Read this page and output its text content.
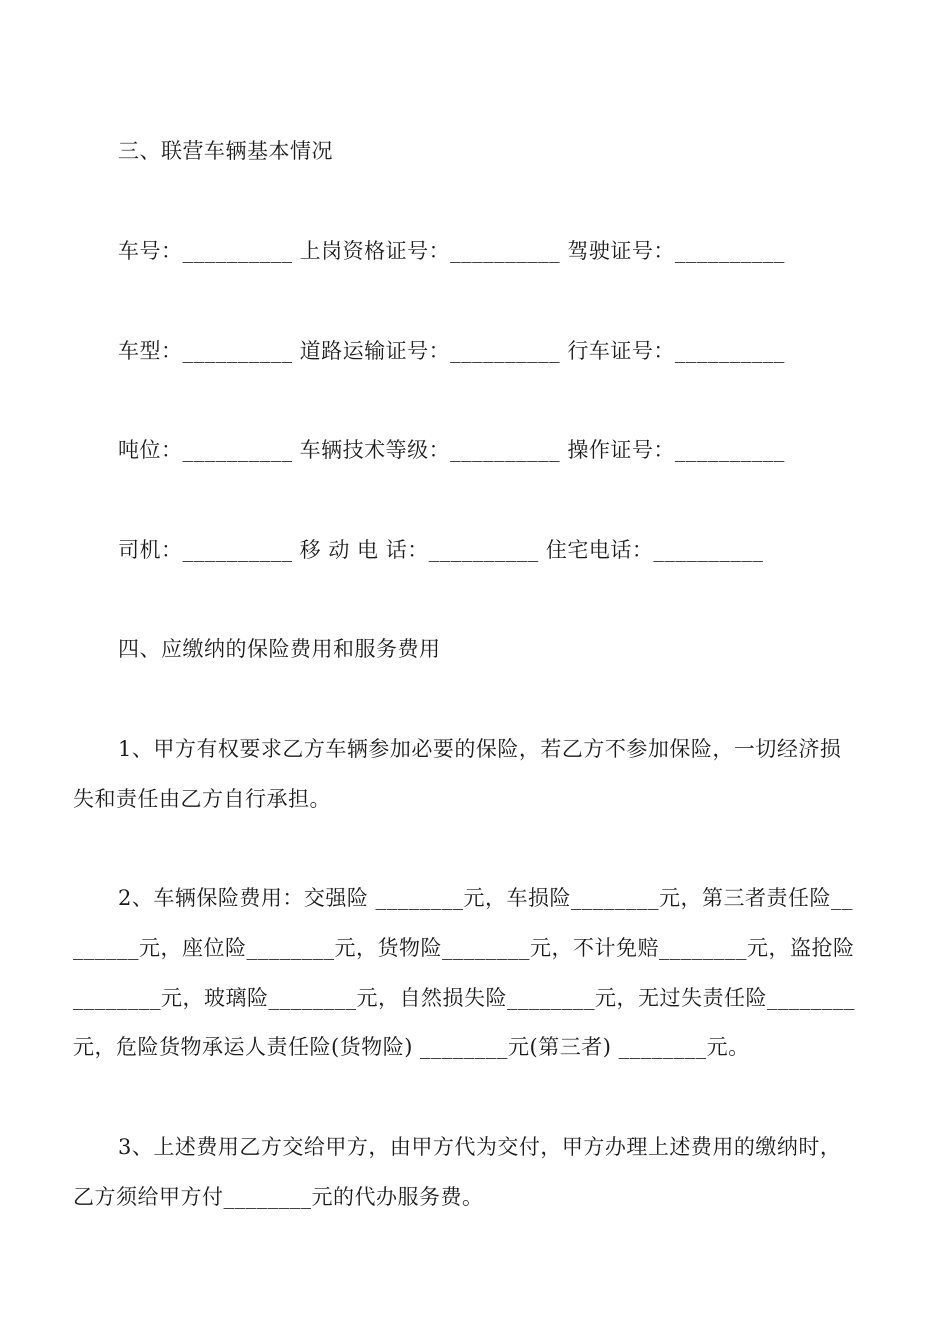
三、联营车辆基本情况
车号：__________ 上岗资格证号：__________ 驾驶证号：__________
车型：__________ 道路运输证号：__________ 行车证号：__________
吨位：__________ 车辆技术等级：__________ 操作证号：__________
司机：__________ 移 动 电 话：__________ 住宅电话：__________
四、应缴纳的保险费用和服务费用
1、甲方有权要求乙方车辆参加必要的保险，若乙方不参加保险，一切经济损
失和责任由乙方自行承担。
2、车辆保险费用：交强险 ________元，车损险________元，第三者责任险__
______元，座位险________元，货物险________元，不计免赔________元，盗抢险
________元，玻璃险________元，自然损失险________元，无过失责任险________
元，危险货物承运人责任险(货物险) ________元(第三者) ________元。
3、上述费用乙方交给甲方，由甲方代为交付，甲方办理上述费用的缴纳时，
乙方须给甲方付________元的代办服务费。
